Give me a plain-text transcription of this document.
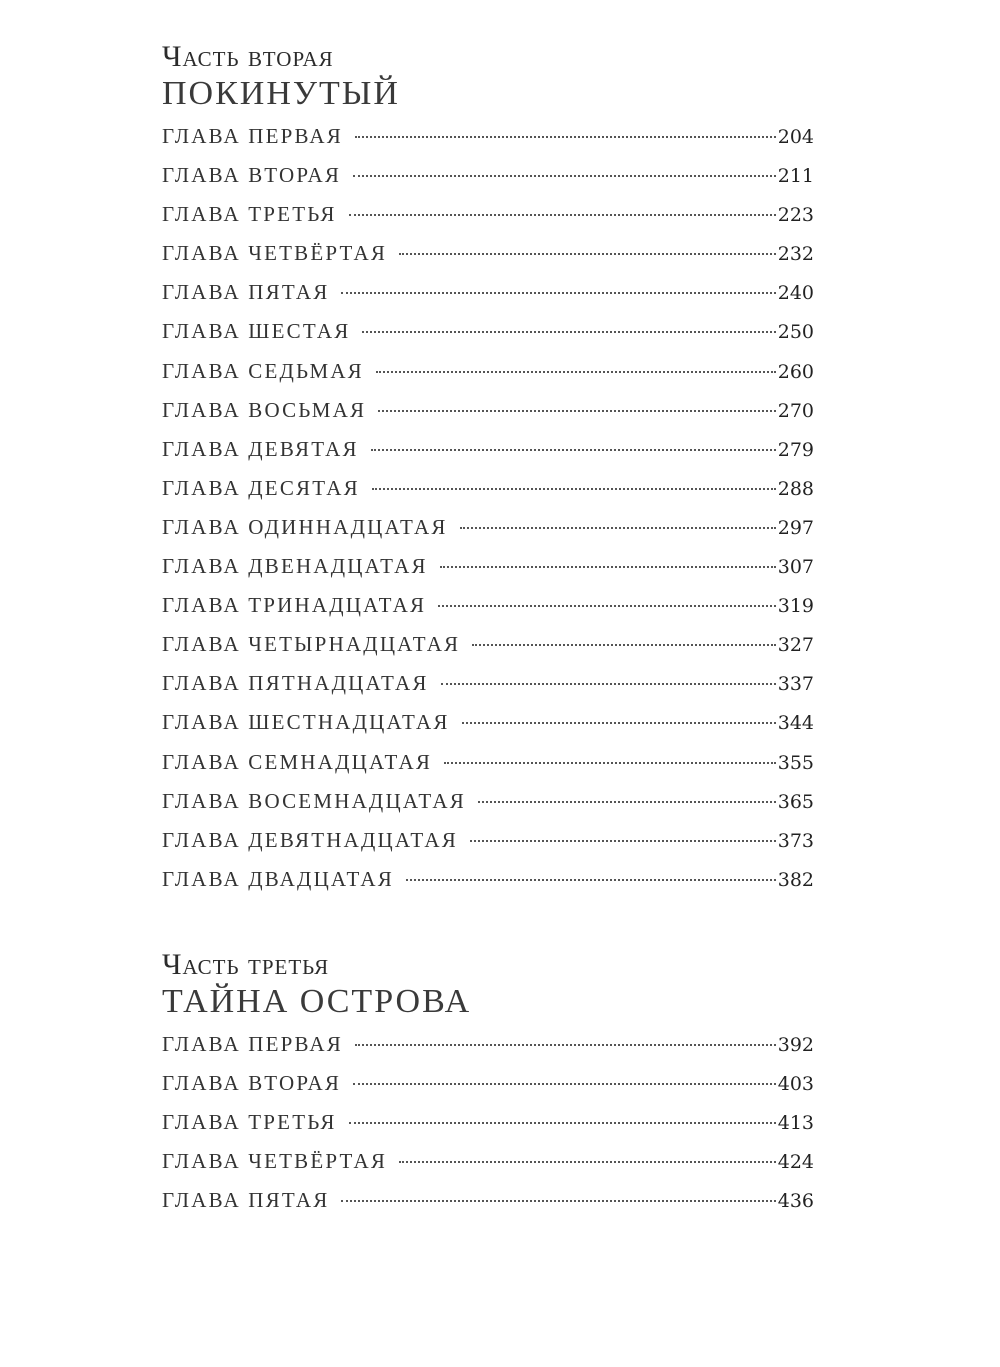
Часть вторая
ПОКИНУТЫЙ
ГЛАВА ПЕРВАЯ	204
ГЛАВА ВТОРАЯ	211
ГЛАВА ТРЕТЬЯ	223
ГЛАВА ЧЕТВЁРТАЯ	232
ГЛАВА ПЯТАЯ	240
ГЛАВА ШЕСТАЯ	250
ГЛАВА СЕДЬМАЯ	260
ГЛАВА ВОСЬМАЯ	270
ГЛАВА ДЕВЯТАЯ	279
ГЛАВА ДЕСЯТАЯ	288
ГЛАВА ОДИННАДЦАТАЯ	297
ГЛАВА ДВЕНАДЦАТАЯ	307
ГЛАВА ТРИНАДЦАТАЯ	319
ГЛАВА ЧЕТЫРНАДЦАТАЯ	327
ГЛАВА ПЯТНАДЦАТАЯ	337
ГЛАВА ШЕСТНАДЦАТАЯ	344
ГЛАВА СЕМНАДЦАТАЯ	355
ГЛАВА ВОСЕМНАДЦАТАЯ	365
ГЛАВА ДЕВЯТНАДЦАТАЯ	373
ГЛАВА ДВАДЦАТАЯ	382
Часть третья
ТАЙНА ОСТРОВА
ГЛАВА ПЕРВАЯ	392
ГЛАВА ВТОРАЯ	403
ГЛАВА ТРЕТЬЯ	413
ГЛАВА ЧЕТВЁРТАЯ	424
ГЛАВА ПЯТАЯ	436
